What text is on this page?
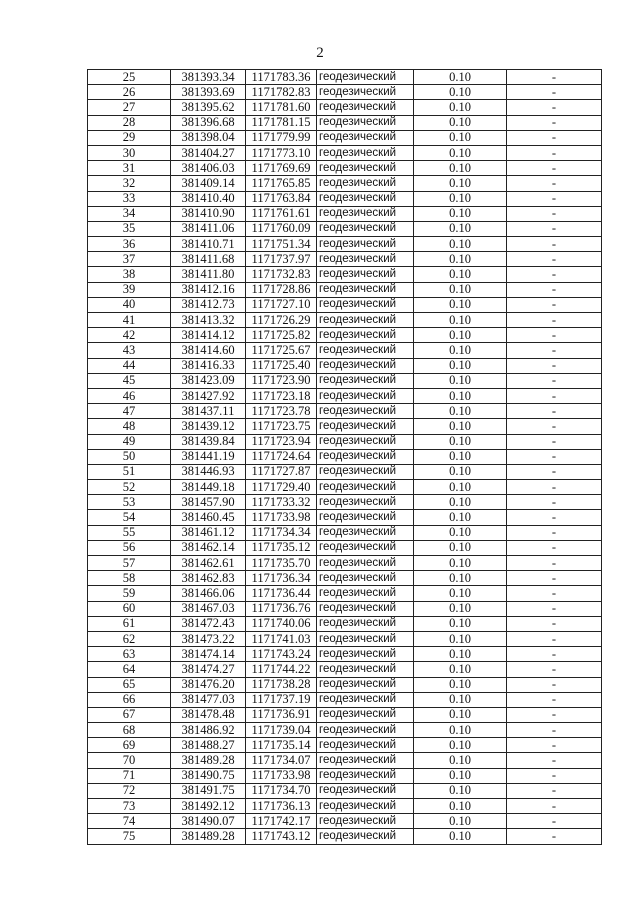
2
25	381393.34	1171783.36	геодезический	0.10	-
26	381393.69	1171782.83	геодезический	0.10	-
27	381395.62	1171781.60	геодезический	0.10	-
28	381396.68	1171781.15	геодезический	0.10	-
29	381398.04	1171779.99	геодезический	0.10	-
30	381404.27	1171773.10	геодезический	0.10	-
31	381406.03	1171769.69	геодезический	0.10	-
32	381409.14	1171765.85	геодезический	0.10	-
33	381410.40	1171763.84	геодезический	0.10	-
34	381410.90	1171761.61	геодезический	0.10	-
35	381411.06	1171760.09	геодезический	0.10	-
36	381410.71	1171751.34	геодезический	0.10	-
37	381411.68	1171737.97	геодезический	0.10	-
38	381411.80	1171732.83	геодезический	0.10	-
39	381412.16	1171728.86	геодезический	0.10	-
40	381412.73	1171727.10	геодезический	0.10	-
41	381413.32	1171726.29	геодезический	0.10	-
42	381414.12	1171725.82	геодезический	0.10	-
43	381414.60	1171725.67	геодезический	0.10	-
44	381416.33	1171725.40	геодезический	0.10	-
45	381423.09	1171723.90	геодезический	0.10	-
46	381427.92	1171723.18	геодезический	0.10	-
47	381437.11	1171723.78	геодезический	0.10	-
48	381439.12	1171723.75	геодезический	0.10	-
49	381439.84	1171723.94	геодезический	0.10	-
50	381441.19	1171724.64	геодезический	0.10	-
51	381446.93	1171727.87	геодезический	0.10	-
52	381449.18	1171729.40	геодезический	0.10	-
53	381457.90	1171733.32	геодезический	0.10	-
54	381460.45	1171733.98	геодезический	0.10	-
55	381461.12	1171734.34	геодезический	0.10	-
56	381462.14	1171735.12	геодезический	0.10	-
57	381462.61	1171735.70	геодезический	0.10	-
58	381462.83	1171736.34	геодезический	0.10	-
59	381466.06	1171736.44	геодезический	0.10	-
60	381467.03	1171736.76	геодезический	0.10	-
61	381472.43	1171740.06	геодезический	0.10	-
62	381473.22	1171741.03	геодезический	0.10	-
63	381474.14	1171743.24	геодезический	0.10	-
64	381474.27	1171744.22	геодезический	0.10	-
65	381476.20	1171738.28	геодезический	0.10	-
66	381477.03	1171737.19	геодезический	0.10	-
67	381478.48	1171736.91	геодезический	0.10	-
68	381486.92	1171739.04	геодезический	0.10	-
69	381488.27	1171735.14	геодезический	0.10	-
70	381489.28	1171734.07	геодезический	0.10	-
71	381490.75	1171733.98	геодезический	0.10	-
72	381491.75	1171734.70	геодезический	0.10	-
73	381492.12	1171736.13	геодезический	0.10	-
74	381490.07	1171742.17	геодезический	0.10	-
75	381489.28	1171743.12	геодезический	0.10	-
